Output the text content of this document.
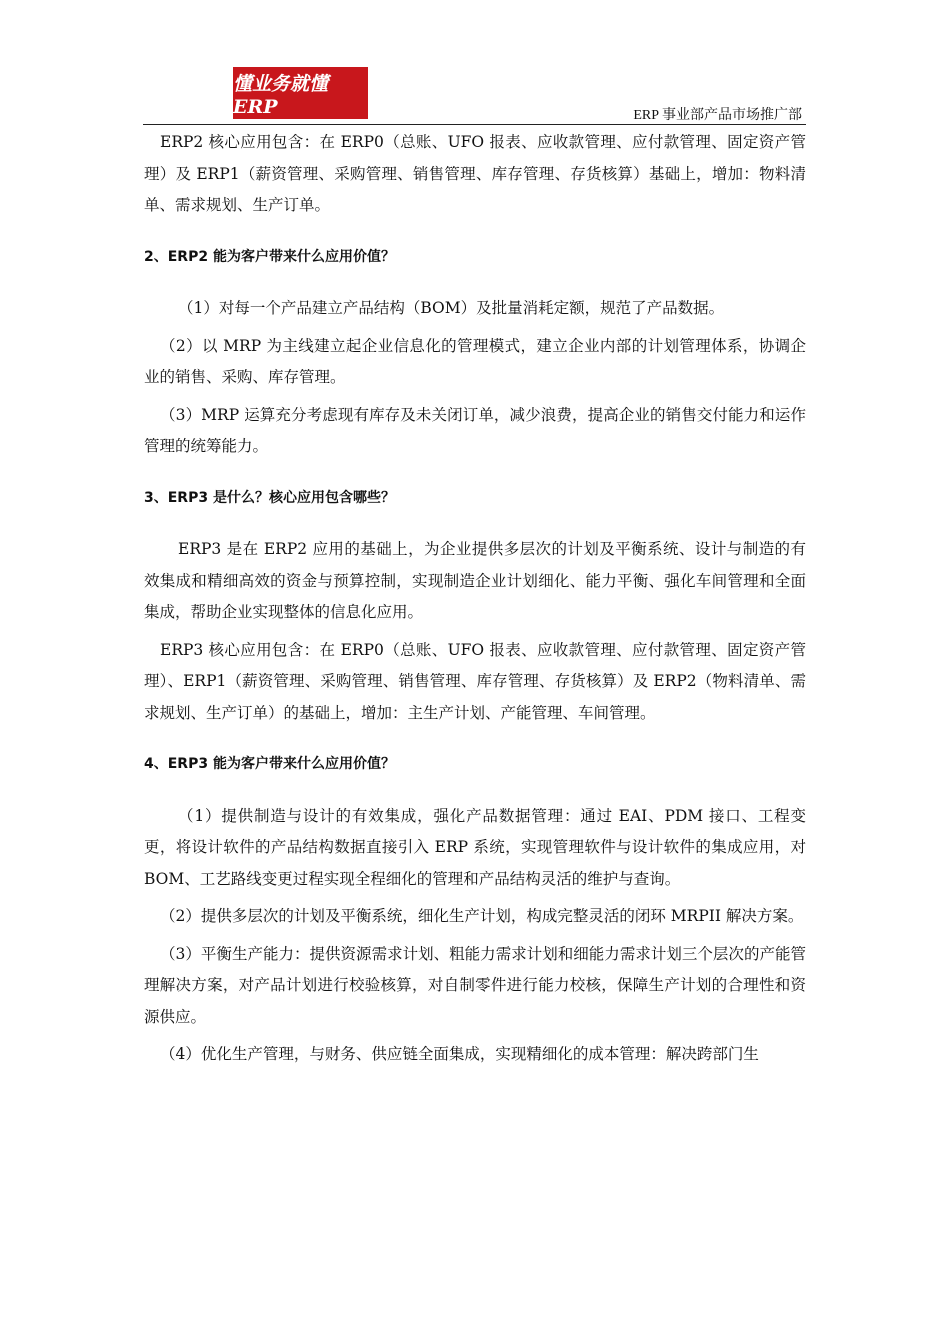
懂业务就懂ERP	ERP 事业部产品市场推广部

ERP2 核心应用包含：在 ERP0（总账、UFO 报表、应收款管理、应付款管理、固定资产管理）及 ERP1（薪资管理、采购管理、销售管理、库存管理、存货核算）基础上，增加：物料清单、需求规划、生产订单。

2、ERP2 能为客户带来什么应用价值？

（1）对每一个产品建立产品结构（BOM）及批量消耗定额，规范了产品数据。

（2）以 MRP 为主线建立起企业信息化的管理模式，建立企业内部的计划管理体系，协调企业的销售、采购、库存管理。

（3）MRP 运算充分考虑现有库存及未关闭订单，减少浪费，提高企业的销售交付能力和运作管理的统筹能力。

3、ERP3 是什么？核心应用包含哪些？

ERP3 是在 ERP2 应用的基础上，为企业提供多层次的计划及平衡系统、设计与制造的有效集成和精细高效的资金与预算控制，实现制造企业计划细化、能力平衡、强化车间管理和全面集成，帮助企业实现整体的信息化应用。

ERP3 核心应用包含：在 ERP0（总账、UFO 报表、应收款管理、应付款管理、固定资产管理）、ERP1（薪资管理、采购管理、销售管理、库存管理、存货核算）及 ERP2（物料清单、需求规划、生产订单）的基础上，增加：主生产计划、产能管理、车间管理。

4、ERP3 能为客户带来什么应用价值？

（1）提供制造与设计的有效集成，强化产品数据管理：通过 EAI、PDM 接口、工程变更，将设计软件的产品结构数据直接引入 ERP 系统，实现管理软件与设计软件的集成应用，对 BOM、工艺路线变更过程实现全程细化的管理和产品结构灵活的维护与查询。

（2）提供多层次的计划及平衡系统，细化生产计划，构成完整灵活的闭环 MRPII 解决方案。

（3）平衡生产能力：提供资源需求计划、粗能力需求计划和细能力需求计划三个层次的产能管理解决方案，对产品计划进行校验核算，对自制零件进行能力校核，保障生产计划的合理性和资源供应。

（4）优化生产管理，与财务、供应链全面集成，实现精细化的成本管理：解决跨部门生
